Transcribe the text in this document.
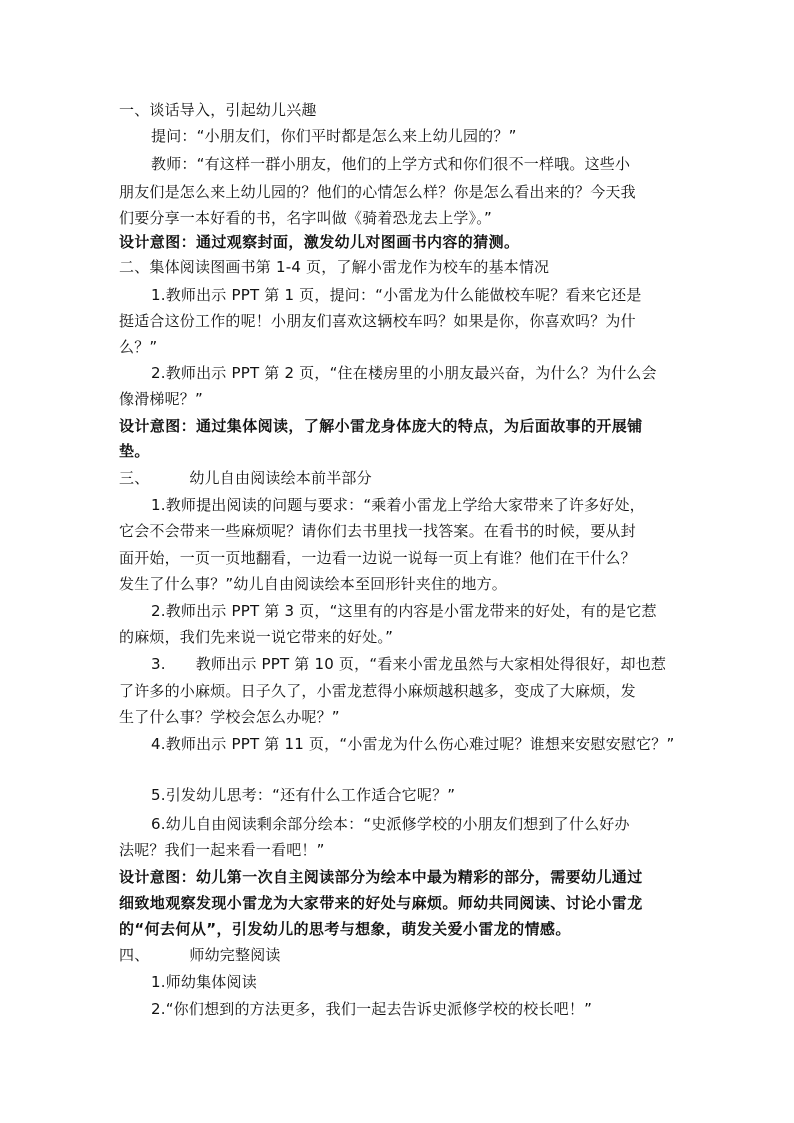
一、谈话导入，引起幼儿兴趣
提问：“小朋友们，你们平时都是怎么来上幼儿园的？”
教师：“有这样一群小朋友，他们的上学方式和你们很不一样哦。这些小
朋友们是怎么来上幼儿园的？他们的心情怎么样？你是怎么看出来的？今天我
们要分享一本好看的书，名字叫做《骑着恐龙去上学》。”
设计意图：通过观察封面，激发幼儿对图画书内容的猜测。
二、集体阅读图画书第 1-4 页，了解小雷龙作为校车的基本情况
1.教师出示 PPT 第 1 页，提问：“小雷龙为什么能做校车呢？看来它还是
挺适合这份工作的呢！小朋友们喜欢这辆校车吗？如果是你，你喜欢吗？为什
么？”
2.教师出示 PPT 第 2 页，“住在楼房里的小朋友最兴奋，为什么？为什么会
像滑梯呢？”
设计意图：通过集体阅读，了解小雷龙身体庞大的特点，为后面故事的开展铺
垫。
三、	幼儿自由阅读绘本前半部分
1.教师提出阅读的问题与要求：“乘着小雷龙上学给大家带来了许多好处，
它会不会带来一些麻烦呢？请你们去书里找一找答案。在看书的时候，要从封
面开始，一页一页地翻看，一边看一边说一说每一页上有谁？他们在干什么？
发生了什么事？”幼儿自由阅读绘本至回形针夹住的地方。
2.教师出示 PPT 第 3 页，“这里有的内容是小雷龙带来的好处，有的是它惹
的麻烦，我们先来说一说它带来的好处。”
3. 教师出示 PPT 第 10 页，“看来小雷龙虽然与大家相处得很好，却也惹
了许多的小麻烦。日子久了，小雷龙惹得小麻烦越积越多，变成了大麻烦，发
生了什么事？学校会怎么办呢？”
4.教师出示 PPT 第 11 页，“小雷龙为什么伤心难过呢？谁想来安慰安慰它？”
5.引发幼儿思考：“还有什么工作适合它呢？”
6.幼儿自由阅读剩余部分绘本：“史派修学校的小朋友们想到了什么好办
法呢？我们一起来看一看吧！”
设计意图：幼儿第一次自主阅读部分为绘本中最为精彩的部分，需要幼儿通过
细致地观察发现小雷龙为大家带来的好处与麻烦。师幼共同阅读、讨论小雷龙
的“何去何从”，引发幼儿的思考与想象，萌发关爱小雷龙的情感。
四、	师幼完整阅读
1.师幼集体阅读
2.“你们想到的方法更多，我们一起去告诉史派修学校的校长吧！”
